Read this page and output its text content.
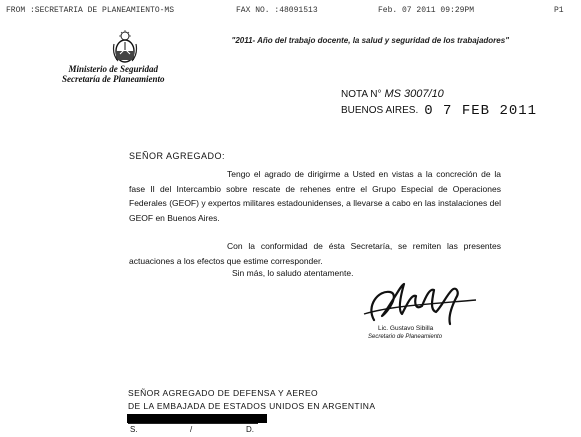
FROM :SECRETARIA DE PLANEAMIENTO-MS	FAX NO. :48091513	Feb. 07 2011 09:29PM	P1
"2011- Año del trabajo docente, la salud y seguridad de los trabajadores"
Ministerio de Seguridad
Secretaría de Planeamiento
NOTA N° MS 3007/10
BUENOS AIRES. 0 7 FEB 2011
SEÑOR AGREGADO:
Tengo el agrado de dirigirme a Usted en vistas a la concreción de la fase II del Intercambio sobre rescate de rehenes entre el Grupo Especial de Operaciones Federales (GEOF) y expertos militares estadounidenses, a llevarse a cabo en las instalaciones del GEOF en Buenos Aires.
Con la conformidad de ésta Secretaría, se remiten las presentes actuaciones a los efectos que estime corresponder.
Sin más, lo saludo atentamente.
Lic. Gustavo Sibilla
Secretario de Planeamiento
SEÑOR AGREGADO DE DEFENSA Y AEREO
DE LA EMBAJADA DE ESTADOS UNIDOS EN ARGENTINA
S.	/	D.
